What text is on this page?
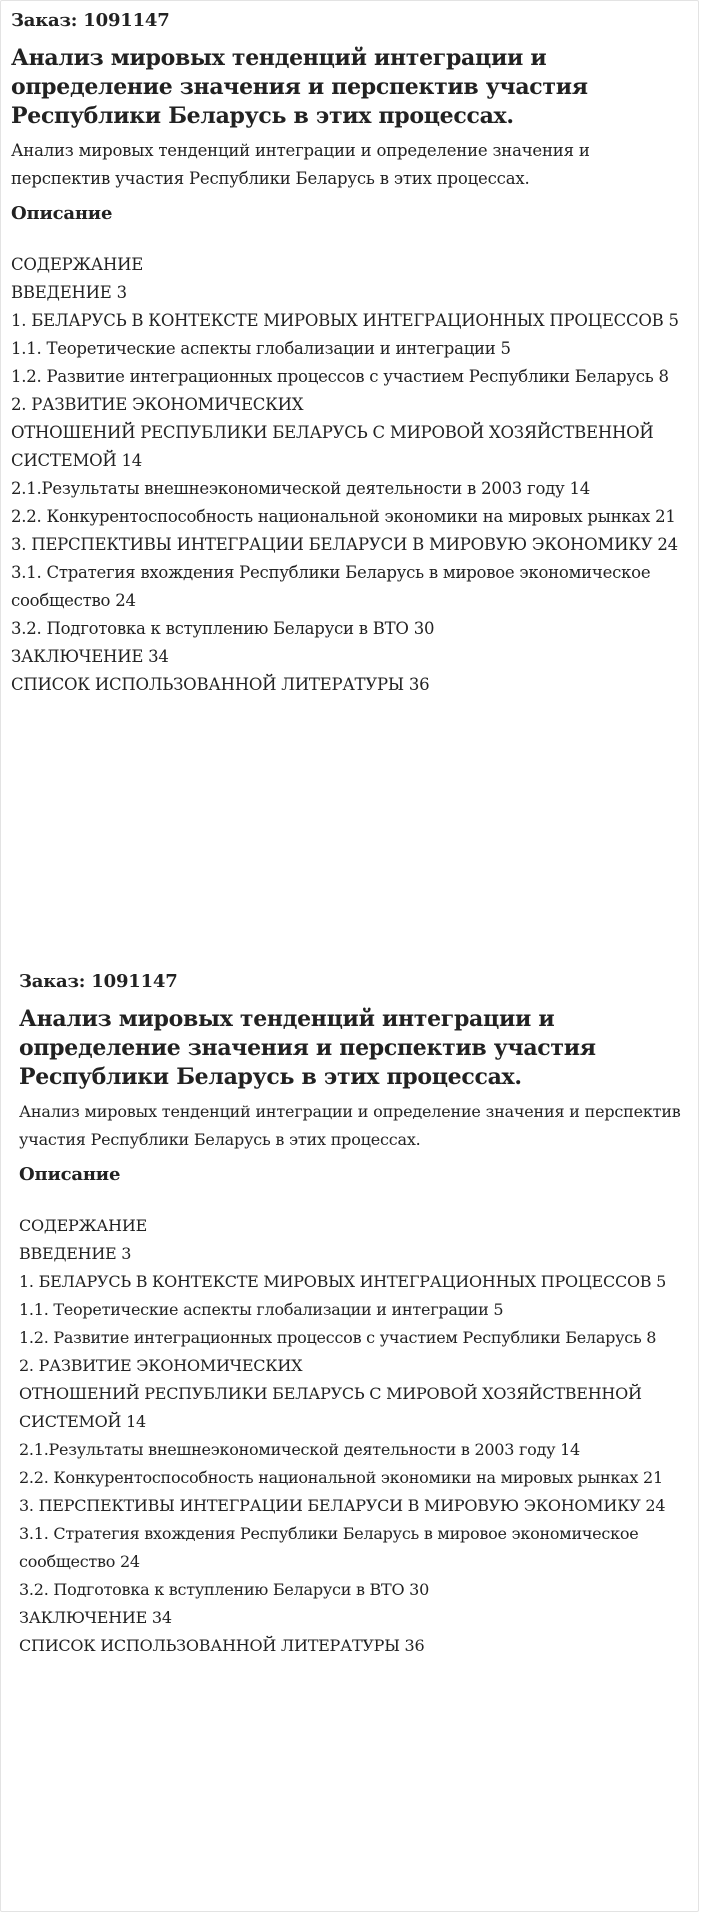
Заказ: 1091147
Анализ мировых тенденций интеграции и определение значения и перспектив участия Республики Беларусь в этих процессах.

Анализ мировых тенденций интеграции и определение значения и перспектив участия Республики Беларусь в этих процессах.

Описание
СОДЕРЖАНИЕ
ВВЕДЕНИЕ 3
1. БЕЛАРУСЬ В КОНТЕКСТЕ МИРОВЫХ ИНТЕГРАЦИОННЫХ ПРОЦЕССОВ 5
1.1. Теоретические аспекты глобализации и интеграции 5
1.2. Развитие интеграционных процессов с участием Республики Беларусь 8
2. РАЗВИТИЕ ЭКОНОМИЧЕСКИХ
ОТНОШЕНИЙ РЕСПУБЛИКИ БЕЛАРУСЬ С МИРОВОЙ ХОЗЯЙСТВЕННОЙ СИСТЕМОЙ 14
2.1.Результаты внешнеэкономической деятельности в 2003 году 14
2.2. Конкурентоспособность национальной экономики на мировых рынках 21
3. ПЕРСПЕКТИВЫ ИНТЕГРАЦИИ БЕЛАРУСИ В МИРОВУЮ ЭКОНОМИКУ 24
3.1. Стратегия вхождения Республики Беларусь в мировое экономическое сообщество 24
3.2. Подготовка к вступлению Беларуси в ВТО 30
ЗАКЛЮЧЕНИЕ 34
СПИСОК ИСПОЛЬЗОВАННОЙ ЛИТЕРАТУРЫ 36
Заказ: 1091147
Анализ мировых тенденций интеграции и определение значения и перспектив участия Республики Беларусь в этих процессах.

Анализ мировых тенденций интеграции и определение значения и перспектив участия Республики Беларусь в этих процессах.

Описание
СОДЕРЖАНИЕ
ВВЕДЕНИЕ 3
1. БЕЛАРУСЬ В КОНТЕКСТЕ МИРОВЫХ ИНТЕГРАЦИОННЫХ ПРОЦЕССОВ 5
1.1. Теоретические аспекты глобализации и интеграции 5
1.2. Развитие интеграционных процессов с участием Республики Беларусь 8
2. РАЗВИТИЕ ЭКОНОМИЧЕСКИХ
ОТНОШЕНИЙ РЕСПУБЛИКИ БЕЛАРУСЬ С МИРОВОЙ ХОЗЯЙСТВЕННОЙ СИСТЕМОЙ 14
2.1.Результаты внешнеэкономической деятельности в 2003 году 14
2.2. Конкурентоспособность национальной экономики на мировых рынках 21
3. ПЕРСПЕКТИВЫ ИНТЕГРАЦИИ БЕЛАРУСИ В МИРОВУЮ ЭКОНОМИКУ 24
3.1. Стратегия вхождения Республики Беларусь в мировое экономическое сообщество 24
3.2. Подготовка к вступлению Беларуси в ВТО 30
ЗАКЛЮЧЕНИЕ 34
СПИСОК ИСПОЛЬЗОВАННОЙ ЛИТЕРАТУРЫ 36
